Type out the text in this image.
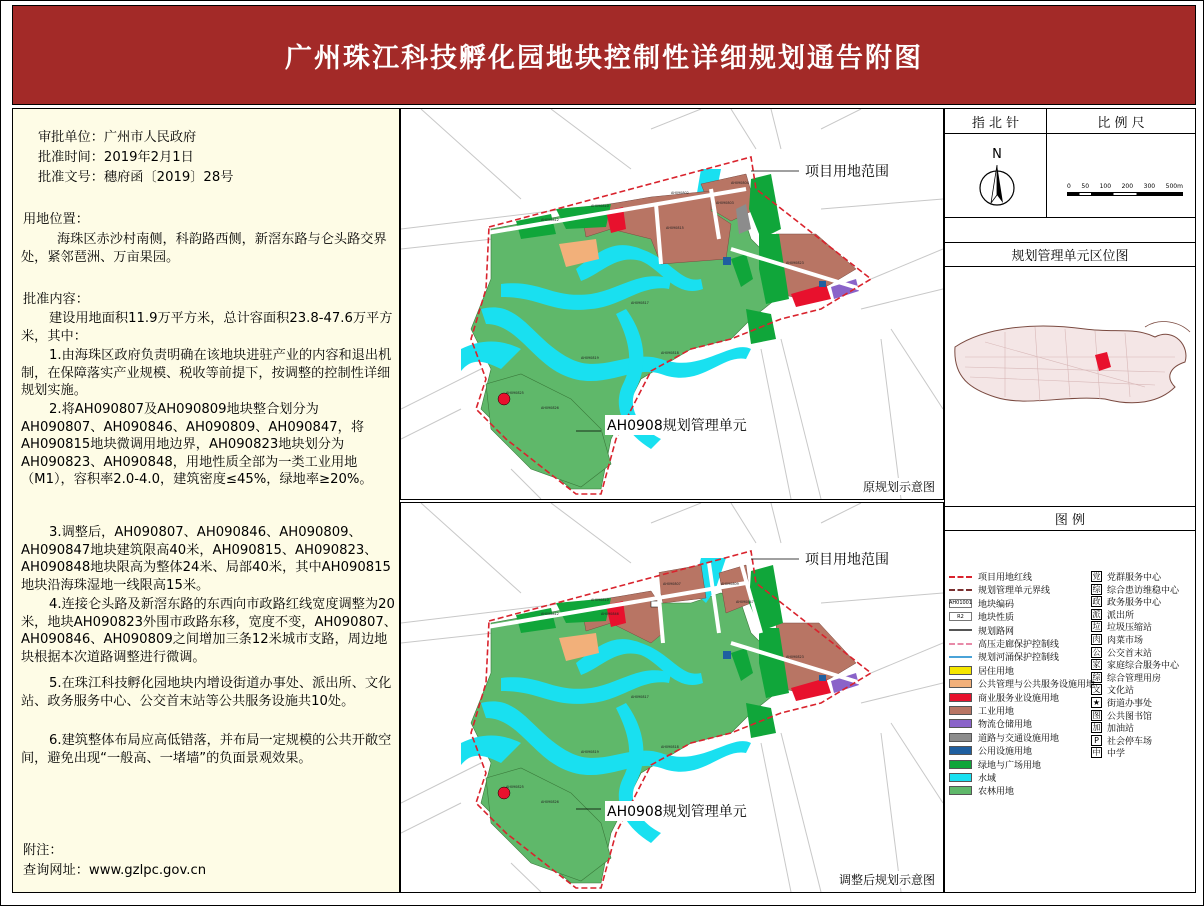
广州珠江科技孵化园地块控制性详细规划通告附图
审批单位：广州市人民政府
批准时间：2019年2月1日
批准文号：穗府函〔2019〕28号
用地位置：
海珠区赤沙村南侧，科韵路西侧，新滘东路与仑头路交界处，紧邻琶洲、万亩果园。
批准内容：
建设用地面积11.9万平方米，总计容面积23.8-47.6万平方米，其中：
1.由海珠区政府负责明确在该地块进驻产业的内容和退出机制，在保障落实产业规模、税收等前提下，按调整的控制性详细规划实施。
2.将AH090807及AH090809地块整合划分为AH090807、AH090846、AH090809、AH090847，将AH090815地块微调用地边界，AH090823地块划分为AH090823、AH090848，用地性质全部为一类工业用地（M1），容积率2.0-4.0，建筑密度≤45%，绿地率≥20%。
3.调整后，AH090807、AH090846、AH090809、AH090847地块建筑限高40米，AH090815、AH090823、AH090848地块限高为整体24米、局部40米，其中AH090815地块沿海珠湿地一线限高15米。
4.连接仑头路及新滘东路的东西向市政路红线宽度调整为20米，地块AH090823外围市政路东移，宽度不变，AH090807、AH090846、AH090809之间增加三条12米城市支路，周边地块根据本次道路调整进行微调。
5.在珠江科技孵化园地块内增设街道办事处、派出所、文化站、政务服务中心、公交首末站等公共服务设施共10处。
6.建筑整体布局应高低错落，并布局一定规模的公共开敞空间，避免出现“一般高、一堵墙”的负面景观效果。
附注：
查询网址：www.gzlpc.gov.cn
AH090812
AH090810
AH090802
AH090803
AH090815
AH090804
AH090823
AH090817
AH090818
AH090819
AH090826
AH090825
项目用地范围
AH0908规划管理单元
原规划示意图
AH090812
AH090810
AH090807	AH090809
AH090846
AH090847
AH090823
AH090817
AH090818
AH090819
AH090826
AH090825
项目用地范围
AH0908规划管理单元
调整后规划示意图
指 北 针	比 例 尺
N
0 50 100 200 300 500m
规划管理单元区位图
图 例
项目用地红线
规划管理单元界线
AH01001 地块编码
R2	地块性质
规划路网
高压走廊保护控制线
规划河涌保护控制线
居住用地
公共管理与公共服务设施用地
商业服务业设施用地
工业用地
物流仓储用地
道路与交通设施用地
公用设施用地
绿地与广场用地
水域
农林用地
党 党群服务中心
综 综合患访维稳中心
政 政务服务中心
派 派出所
垃 垃圾压缩站
肉 肉菜市场
公 公交首末站
家 家庭综合服务中心
综 综合管理用房
文 文化站
★ 街道办事处
图 公共图书馆
加 加油站
P 社会停车场
中 中学
